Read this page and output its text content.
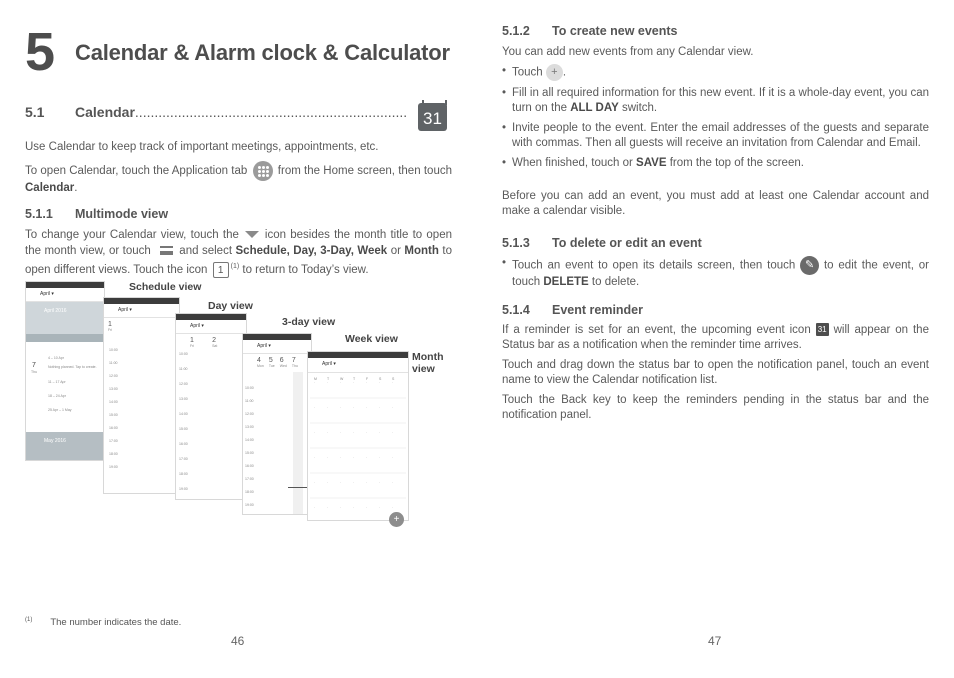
5 Calendar & Alarm clock & Calculator
5.1 Calendar...................................................................... 31
Use Calendar to keep track of important meetings, appointments, etc.
To open Calendar, touch the Application tab	from the Home screen, then touch Calendar.
5.1.1 Multimode view
To change your Calendar view, touch the icon besides the month title to open the month view, or touch and select Schedule, Day, 3-Day, Week or Month to open different views. Touch the icon 1 $^{(1)}$ to return to Today’s view.
Schedule view
Day view
3-day view
Week view
Month view
April ▾
April 2016
4 – 10 Apr
7
Thu
Nothing planned. Tap to create.
11 – 17 Apr
18 – 24 Apr
25 Apr – 1 May
May 2016
April ▾
1
Fri
10:00
11:00
12:00
13:00
14:00
15:00
16:00
17:00
18:00
19:00
April ▾
1
Fri
2
Sat
10:00
11:00
12:00
13:00
14:00
15:00
16:00
17:00
18:00
19:00
April ▾
4
Mon
5
Tue
6
Wed
7
Thu
10:00
11:00
12:00
13:00
14:00
15:00
16:00
17:00
18:00
19:00
April ▾
M	T	W	T	F	S	S
·	·	·	·	·	·	·
·	·	·	·	·	·	·
·	·	·	·	·	·	·
·	·	·	·	·	·	·
·	·	·	·	·	·	·
·	·	·	·	·	·	·
+
$^{(1)}$ The number indicates the date.
46
5.1.2 To create new events
You can add new events from any Calendar view.
• Touch + .
• Fill in all required information for this new event. If it is a whole-day event, you can turn on the ALL DAY switch.
• Invite people to the event. Enter the email addresses of the guests and separate with commas. Then all guests will receive an invitation from Calendar and Email.
• When finished, touch or SAVE from the top of the screen.
Before you can add an event, you must add at least one Calendar account and make a calendar visible.
5.1.3 To delete or edit an event
• Touch an event to open its details screen, then touch ✎ to edit the event, or touch DELETE to delete.
5.1.4 Event reminder
If a reminder is set for an event, the upcoming event icon 31 will appear on the Status bar as a notification when the reminder time arrives.
Touch and drag down the status bar to open the notification panel, touch an event name to view the Calendar notification list.
Touch the Back key to keep the reminders pending in the status bar and the notification panel.
47
